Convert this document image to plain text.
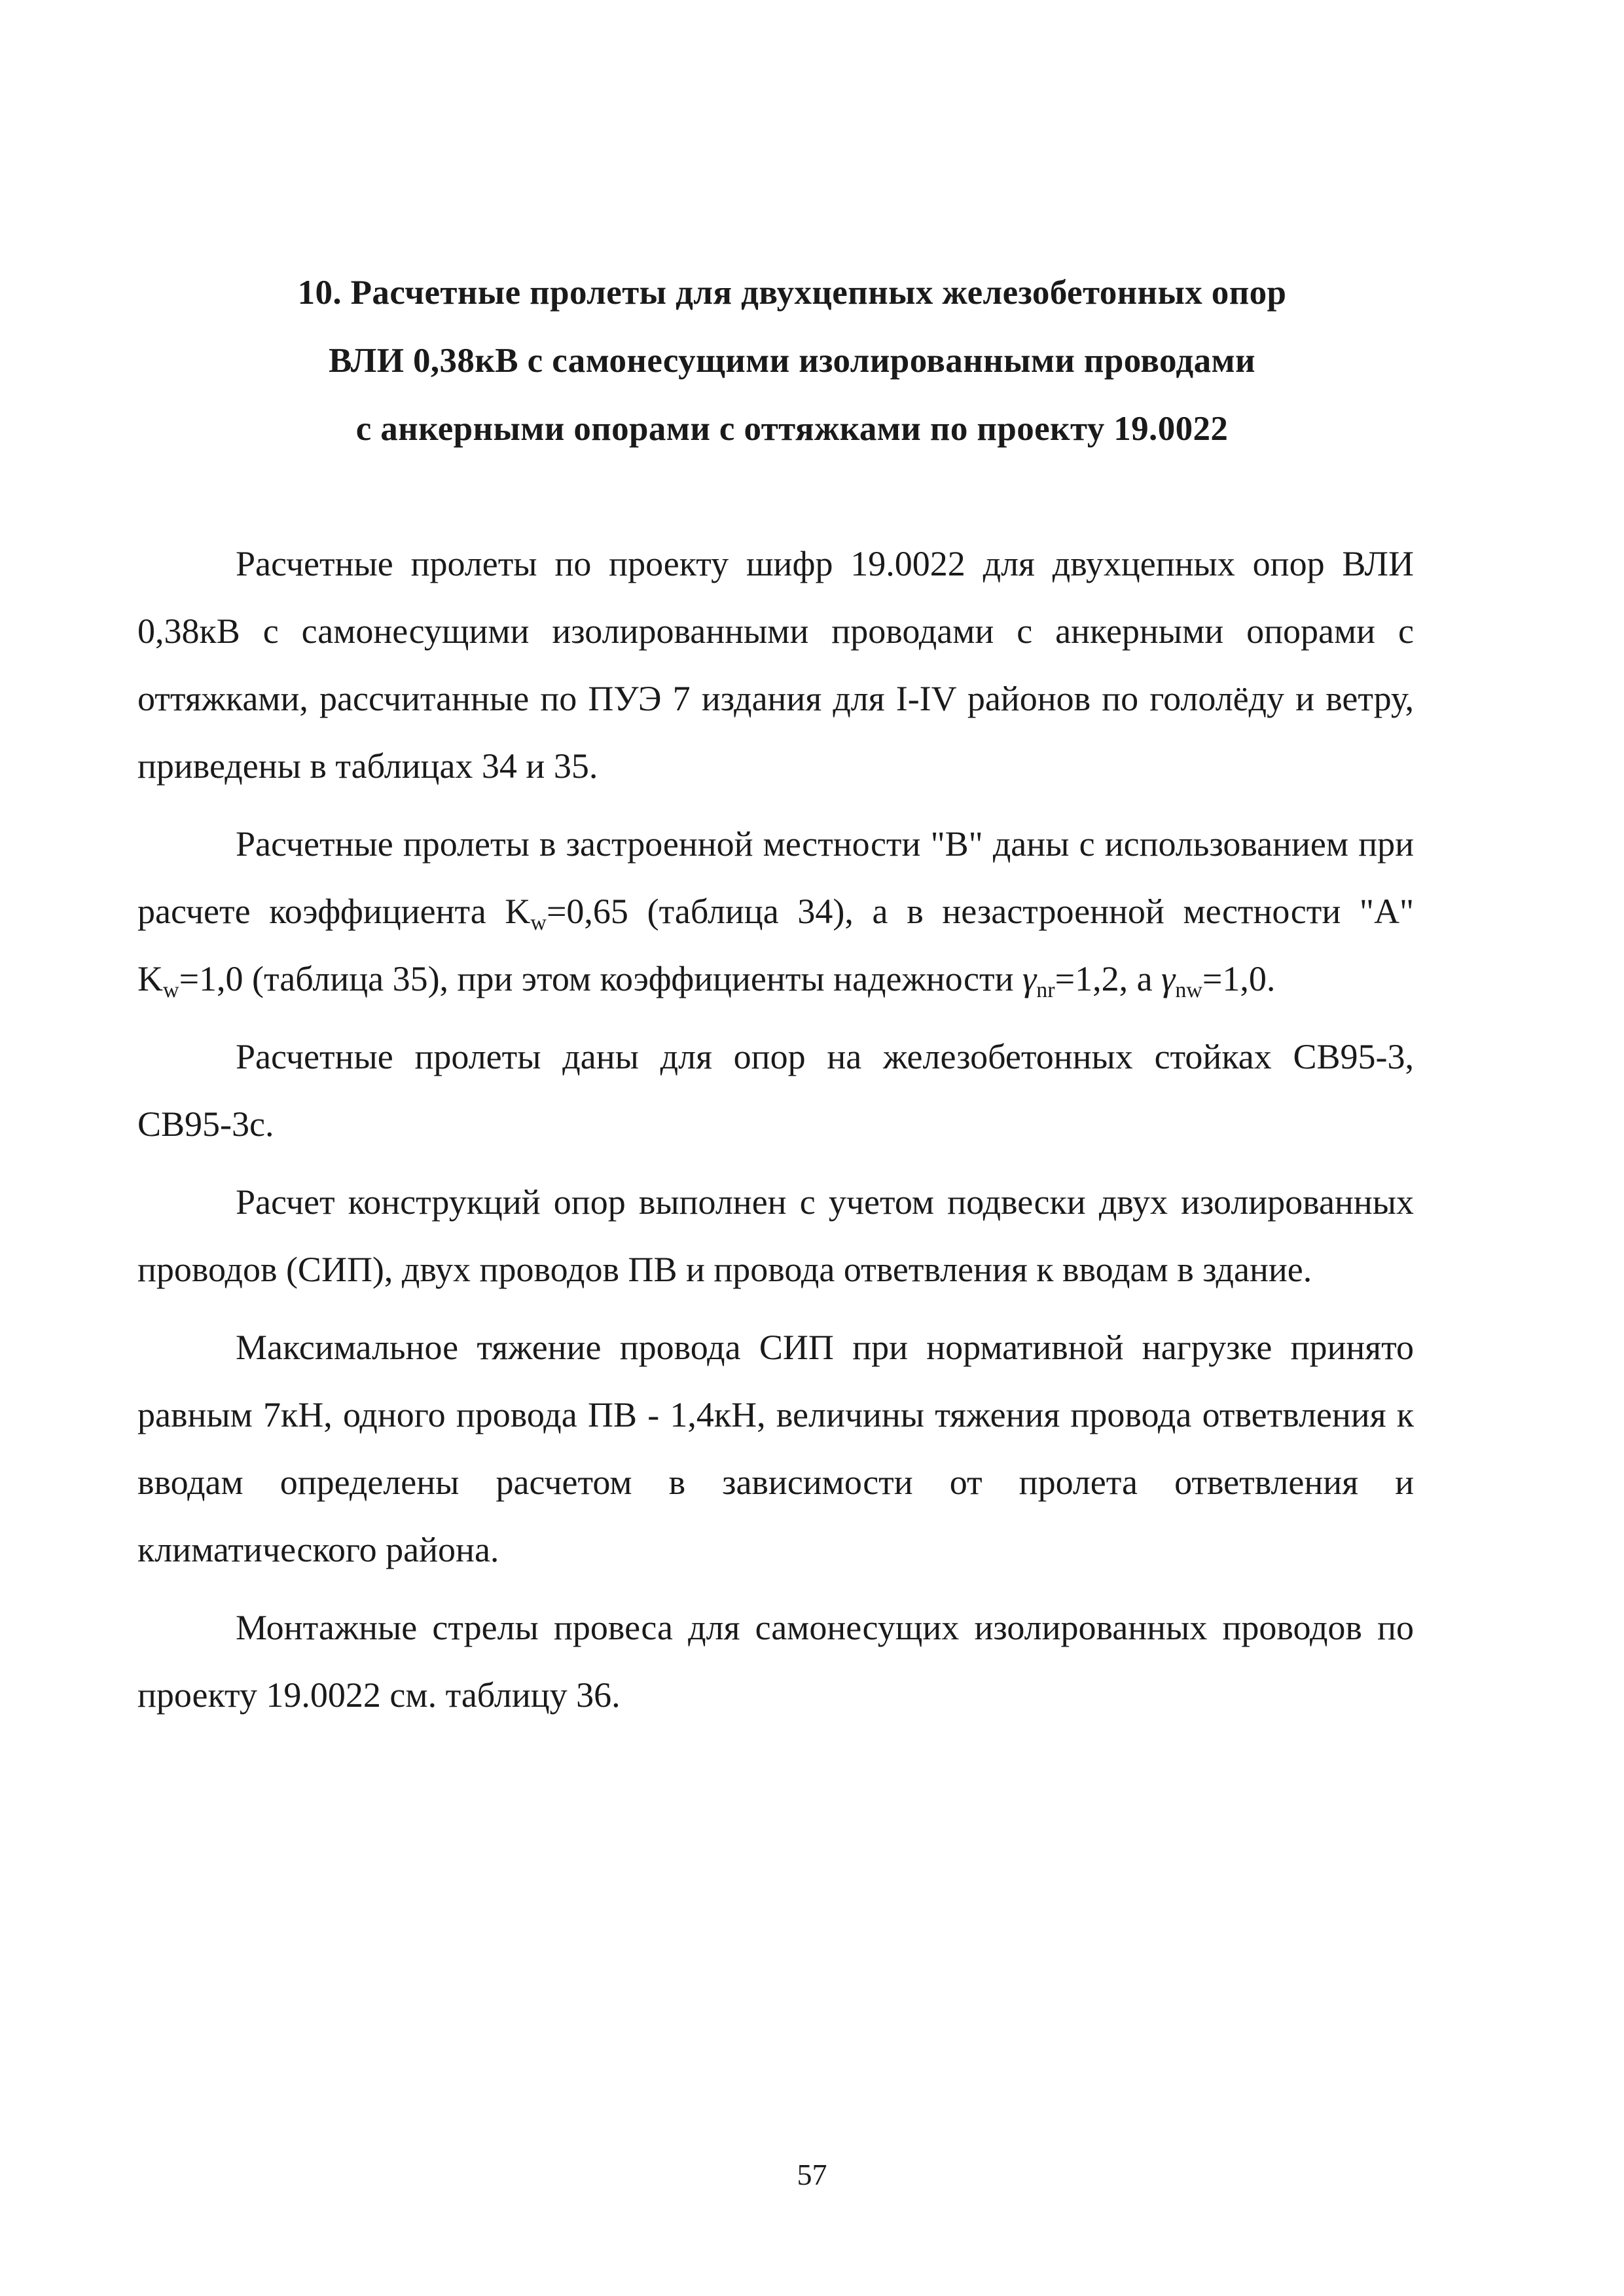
10. Расчетные пролеты для двухцепных железобетонных опор
ВЛИ 0,38кВ с самонесущими изолированными проводами
с анкерными опорами с оттяжками по проекту 19.0022

Расчетные пролеты по проекту шифр 19.0022 для двухцепных опор ВЛИ 0,38кВ с самонесущими изолированными проводами с анкерными опорами с оттяжками, рассчитанные по ПУЭ 7 издания для I-IV районов по гололёду и ветру, приведены в таблицах 34 и 35.

Расчетные пролеты в застроенной местности "В" даны с использованием при расчете коэффициента $K_w=0,65$ (таблица 34), а в незастроенной местности "А" $K_w=1,0$ (таблица 35), при этом коэффициенты надежности $\gamma_{nr}=1,2$, а $\gamma_{nw}=1,0$.

Расчетные пролеты даны для опор на железобетонных стойках СВ95-3, СВ95-3с.

Расчет конструкций опор выполнен с учетом подвески двух изолированных проводов (СИП), двух проводов ПВ и провода ответвления к вводам в здание.

Максимальное тяжение провода СИП при нормативной нагрузке принято равным 7кН, одного провода ПВ - 1,4кН, величины тяжения провода ответвления к вводам определены расчетом в зависимости от пролета ответвления и климатического района.

Монтажные стрелы провеса для самонесущих изолированных проводов по проекту 19.0022 см. таблицу 36.

57
